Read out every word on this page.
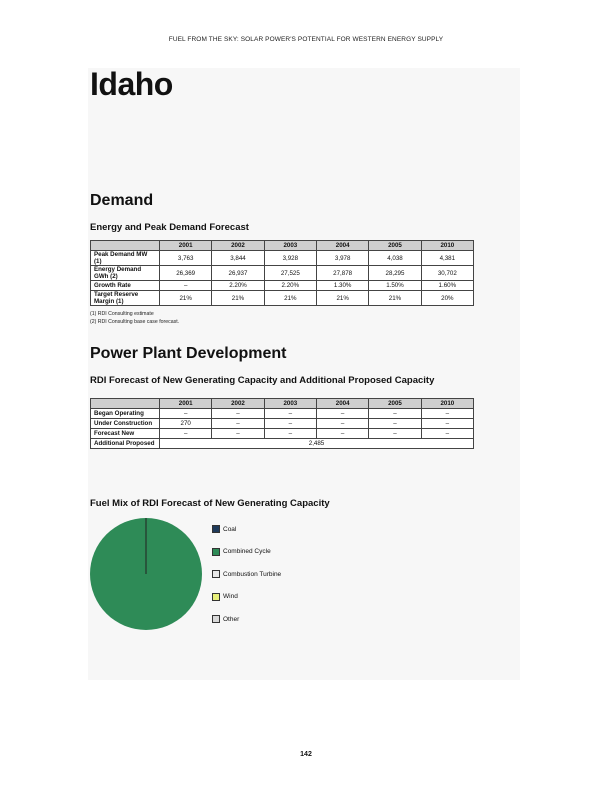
FUEL FROM THE SKY: SOLAR POWER'S POTENTIAL FOR WESTERN ENERGY SUPPLY
Idaho
Demand
Energy and Peak Demand Forecast
	2001	2002	2003	2004	2005	2010
Peak Demand MW (1)	3,763	3,844	3,928	3,978	4,038	4,381
Energy Demand GWh (2)	26,369	26,937	27,525	27,878	28,295	30,702
Growth Rate	–	2.20%	2.20%	1.30%	1.50%	1.60%
Target Reserve Margin (1)	21%	21%	21%	21%	21%	20%
(1) RDI Consulting estimate
(2) RDI Consulting base case forecast.
Power Plant Development
RDI Forecast of New Generating Capacity and Additional Proposed Capacity
	2001	2002	2003	2004	2005	2010
Began Operating	–	–	–	–	–	–
Under Construction	270	–	–	–	–	–
Forecast New	–	–	–	–	–	–
Additional Proposed	2,485					
Fuel Mix of RDI Forecast of New Generating Capacity
Coal
Combined Cycle
Combustion Turbine
Wind
Other
142
